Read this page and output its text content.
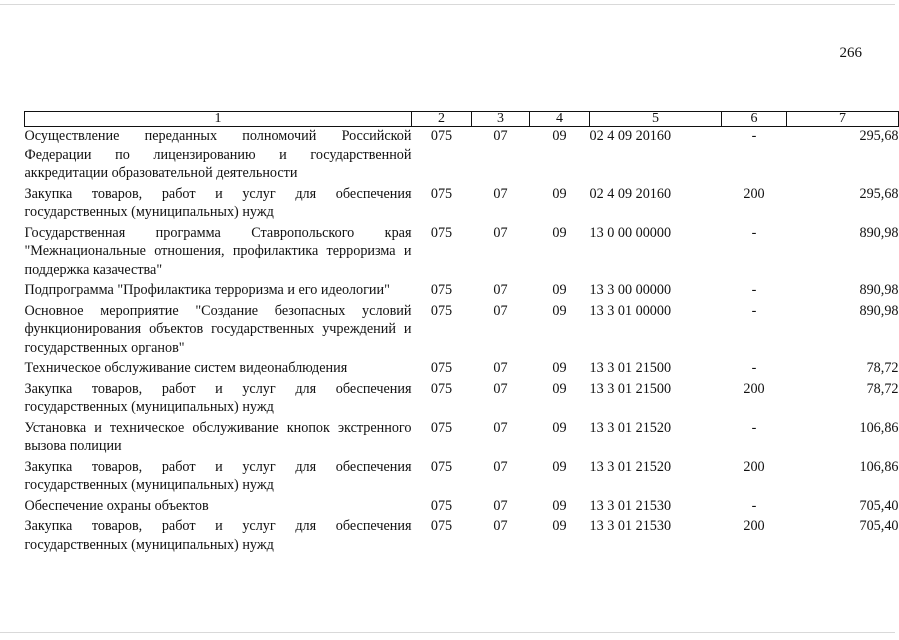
266
1	2	3	4	5	6	7
Осуществление переданных полномочий Российской Федерации по лицензированию и государственной аккредитации образовательной деятельности	075	07	09	02 4 09 20160	-	295,68
Закупка товаров, работ и услуг для обеспечения государственных (муниципальных) нужд	075	07	09	02 4 09 20160	200	295,68
Государственная программа Ставропольского края "Межнациональные отношения, профилактика терроризма и поддержка казачества"	075	07	09	13 0 00 00000	-	890,98
Подпрограмма "Профилактика терроризма и его идеологии"	075	07	09	13 3 00 00000	-	890,98
Основное мероприятие "Создание безопасных условий функционирования объектов государственных учреждений и государственных органов"	075	07	09	13 3 01 00000	-	890,98
Техническое обслуживание систем видеонаблюдения	075	07	09	13 3 01 21500	-	78,72
Закупка товаров, работ и услуг для обеспечения государственных (муниципальных) нужд	075	07	09	13 3 01 21500	200	78,72
Установка и техническое обслуживание кнопок экстренного вызова полиции	075	07	09	13 3 01 21520	-	106,86
Закупка товаров, работ и услуг для обеспечения государственных (муниципальных) нужд	075	07	09	13 3 01 21520	200	106,86
Обеспечение охраны объектов	075	07	09	13 3 01 21530	-	705,40
Закупка товаров, работ и услуг для обеспечения государственных (муниципальных) нужд	075	07	09	13 3 01 21530	200	705,40
